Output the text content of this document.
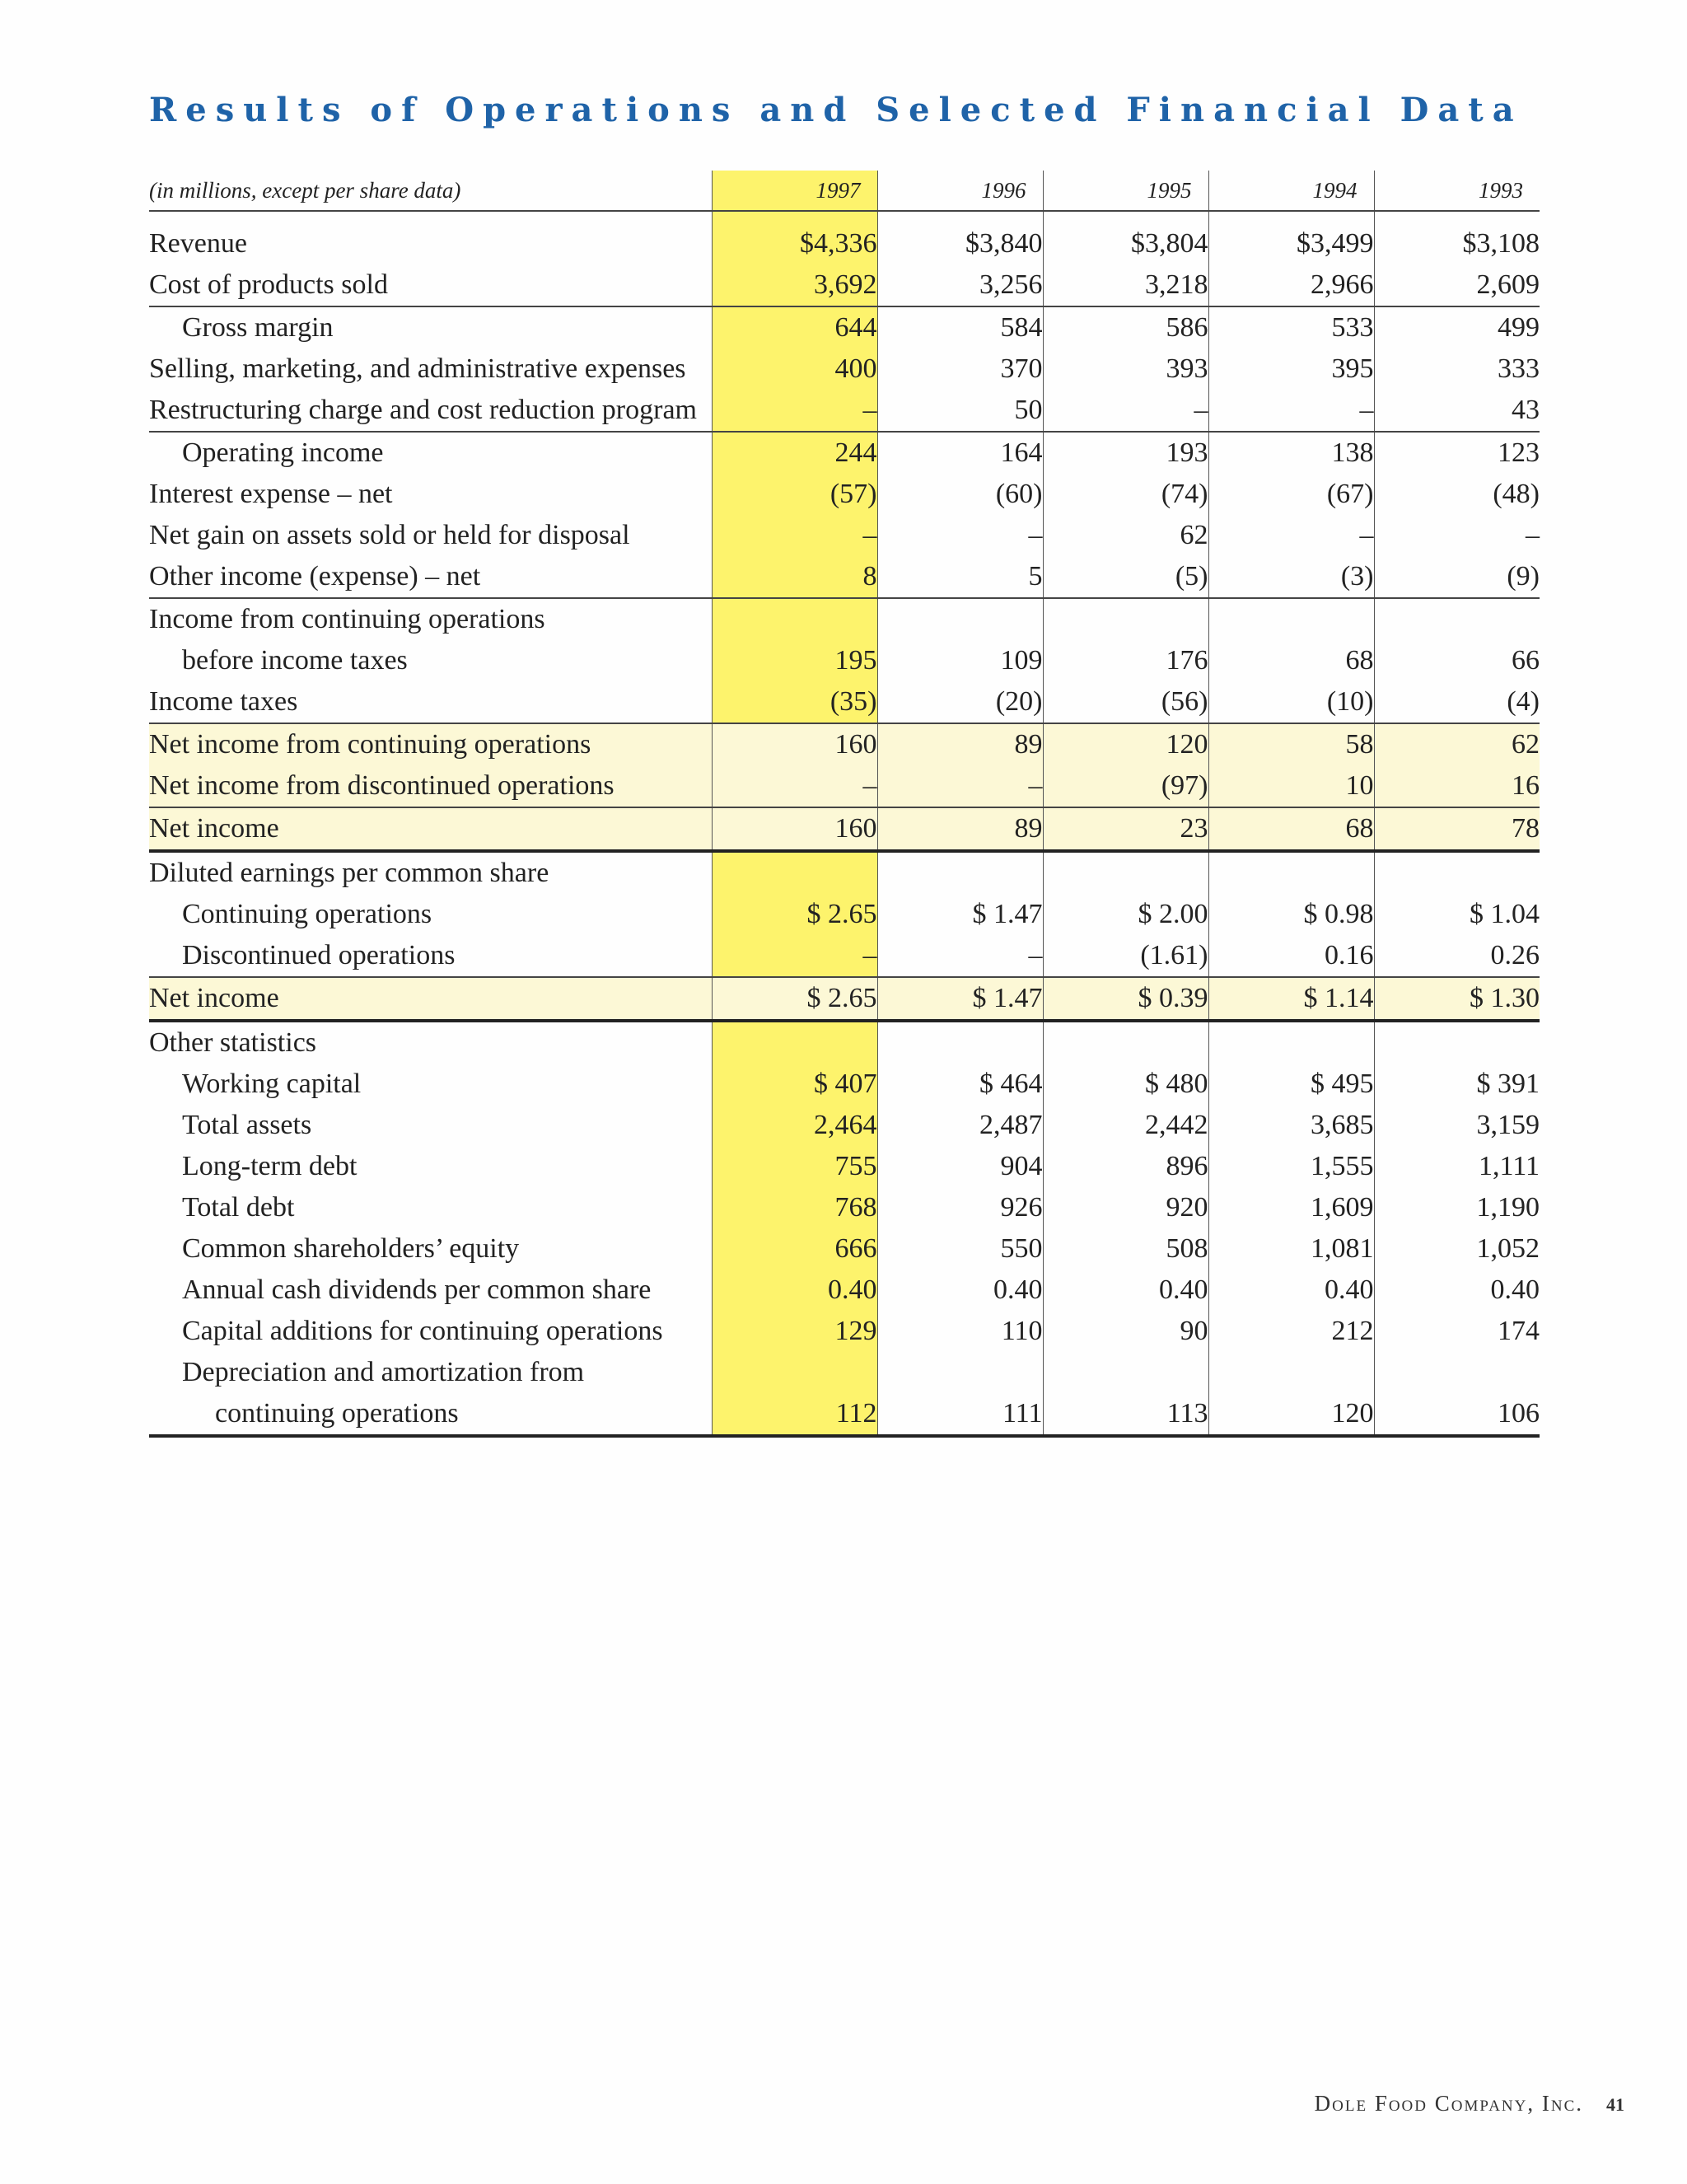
Results of Operations and Selected Financial Data
(in millions, except per share data)	1997	1996	1995	1994	1993
Revenue	$4,336	$3,840	$3,804	$3,499	$3,108
Cost of products sold	3,692	3,256	3,218	2,966	2,609
Gross margin	644	584	586	533	499
Selling, marketing, and administrative expenses	400	370	393	395	333
Restructuring charge and cost reduction program	–	50	–	–	43
Operating income	244	164	193	138	123
Interest expense – net	(57)	(60)	(74)	(67)	(48)
Net gain on assets sold or held for disposal	–	–	62	–	–
Other income (expense) – net	8	5	(5)	(3)	(9)
Income from continuing operations					
before income taxes	195	109	176	68	66
Income taxes	(35)	(20)	(56)	(10)	(4)
Net income from continuing operations	160	89	120	58	62
Net income from discontinued operations	–	–	(97)	10	16
Net income	160	89	23	68	78
Diluted earnings per common share					
Continuing operations	$ 2.65	$ 1.47	$ 2.00	$ 0.98	$ 1.04
Discontinued operations	–	–	(1.61)	0.16	0.26
Net income	$ 2.65	$ 1.47	$ 0.39	$ 1.14	$ 1.30
Other statistics					
Working capital	$ 407	$ 464	$ 480	$ 495	$ 391
Total assets	2,464	2,487	2,442	3,685	3,159
Long-term debt	755	904	896	1,555	1,111
Total debt	768	926	920	1,609	1,190
Common shareholders’ equity	666	550	508	1,081	1,052
Annual cash dividends per common share	0.40	0.40	0.40	0.40	0.40
Capital additions for continuing operations	129	110	90	212	174
Depreciation and amortization from					
continuing operations	112	111	113	120	106
Dole Food Company, Inc. 41
